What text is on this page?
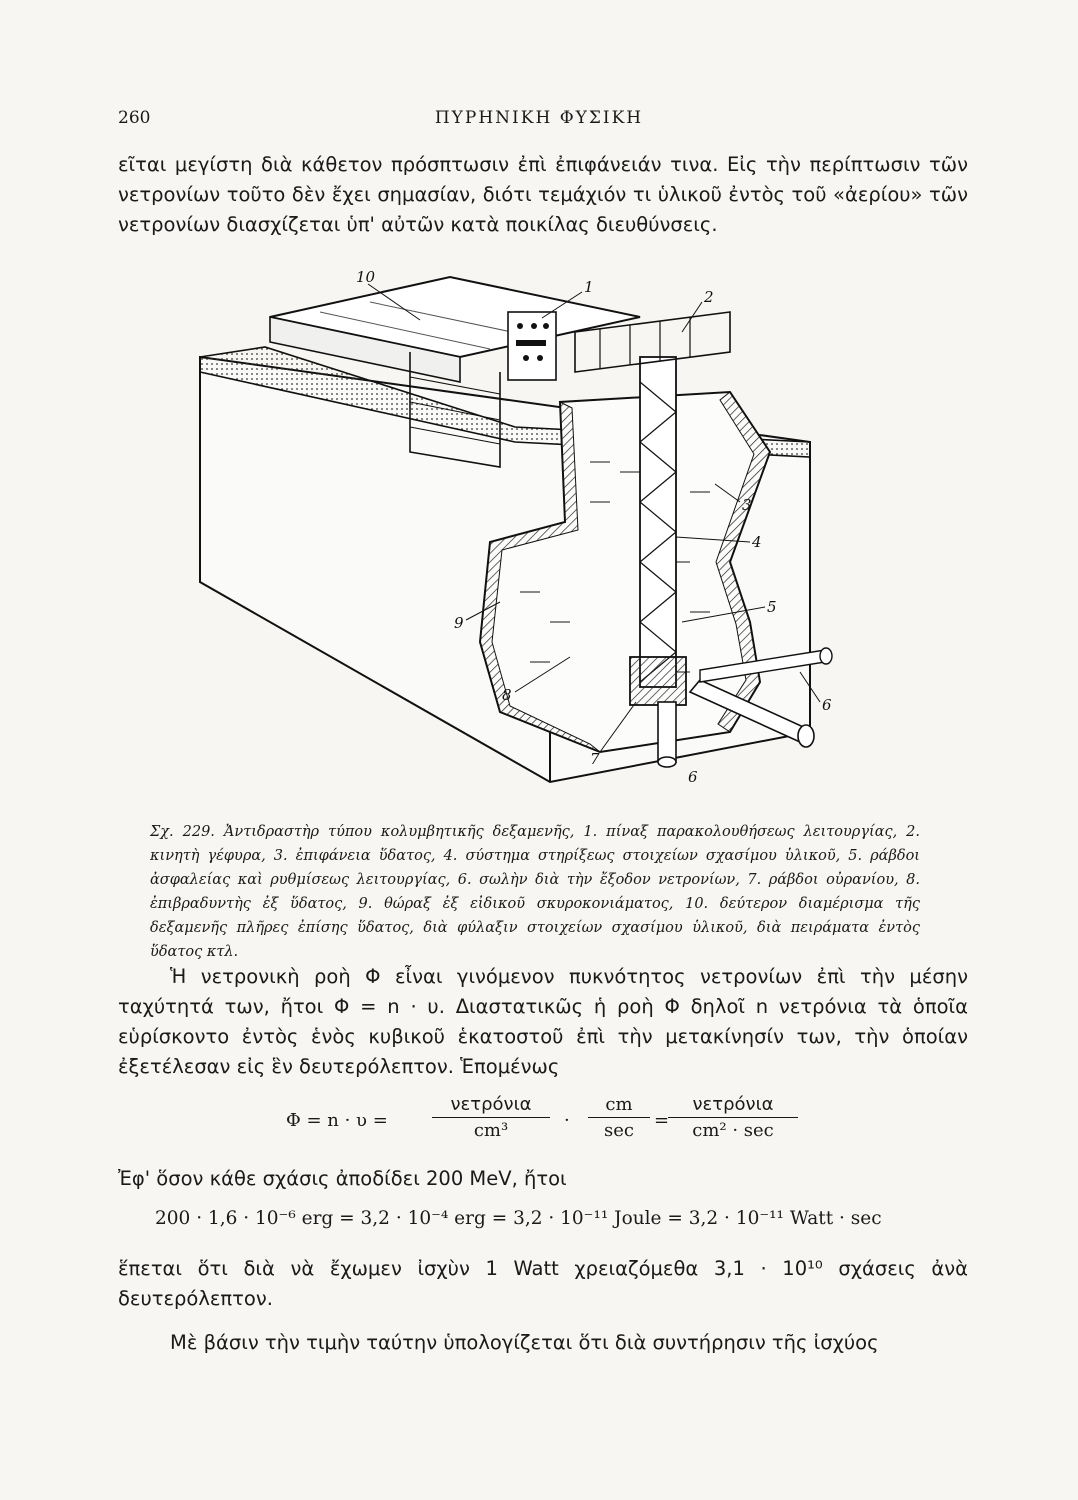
260	ΠΥΡΗΝΙΚΗ ΦΥΣΙΚΗ

εῖται μεγίστη διὰ κάθετον πρόσπτωσιν ἐπὶ ἐπιφάνειάν τινα. Εἰς τὴν περίπτωσιν τῶν νετρονίων τοῦτο δὲν ἔχει σημασίαν, διότι τεμάχιόν τι ὑλικοῦ ἐντὸς τοῦ «ἀερίου» τῶν νετρονίων διασχίζεται ὑπ' αὐτῶν κατὰ ποικίλας διευθύνσεις.

10
1
2
3
4
5
6
6
7
8
9

Σχ. 229. Ἀντιδραστὴρ τύπου κολυμβητικῆς δεξαμενῆς, 1. πίναξ παρακολουθήσεως λειτουργίας, 2. κινητὴ γέφυρα, 3. ἐπιφάνεια ὕδατος, 4. σύστημα στηρίξεως στοιχείων σχασίμου ὑλικοῦ, 5. ράβδοι ἀσφαλείας καὶ ρυθμίσεως λειτουργίας, 6. σωλὴν διὰ τὴν ἔξοδον νετρονίων, 7. ράβδοι οὐρανίου, 8. ἐπιβραδυντὴς ἐξ ὕδατος, 9. θώραξ ἐξ εἰδικοῦ σκυροκονιάματος, 10. δεύτερον διαμέρισμα τῆς δεξαμενῆς πλῆρες ἐπίσης ὕδατος, διὰ φύλαξιν στοιχείων σχασίμου ὑλικοῦ, διὰ πειράματα ἐντὸς ὕδατος κτλ.

Ἡ νετρονικὴ ροὴ Φ εἶναι γινόμενον πυκνότητος νετρονίων ἐπὶ τὴν μέσην ταχύτητά των, ἤτοι Φ = n · υ. Διαστατικῶς ἡ ροὴ Φ δηλοῖ n νετρόνια τὰ ὁποῖα εὑρίσκοντο ἐντὸς ἑνὸς κυβικοῦ ἑκατοστοῦ ἐπὶ τὴν μετακίνησίν των, τὴν ὁποίαν ἐξετέλεσαν εἰς ἓν δευτερόλεπτον. Ἑπομένως

Φ = n · υ =
νετρόνια
cm³	·
cm
sec	=
νετρόνια
cm² · sec

Ἐφ' ὅσον κάθε σχάσις ἀποδίδει 200 MeV, ἤτοι

200 · 1,6 · 10⁻⁶ erg = 3,2 · 10⁻⁴ erg = 3,2 · 10⁻¹¹ Joule = 3,2 · 10⁻¹¹ Watt · sec

ἕπεται ὅτι διὰ νὰ ἔχωμεν ἰσχὺν 1 Watt χρειαζόμεθα 3,1 · 10¹⁰ σχάσεις ἀνὰ δευτερόλεπτον.

Μὲ βάσιν τὴν τιμὴν ταύτην ὑπολογίζεται ὅτι διὰ συντήρησιν τῆς ἰσχύος
